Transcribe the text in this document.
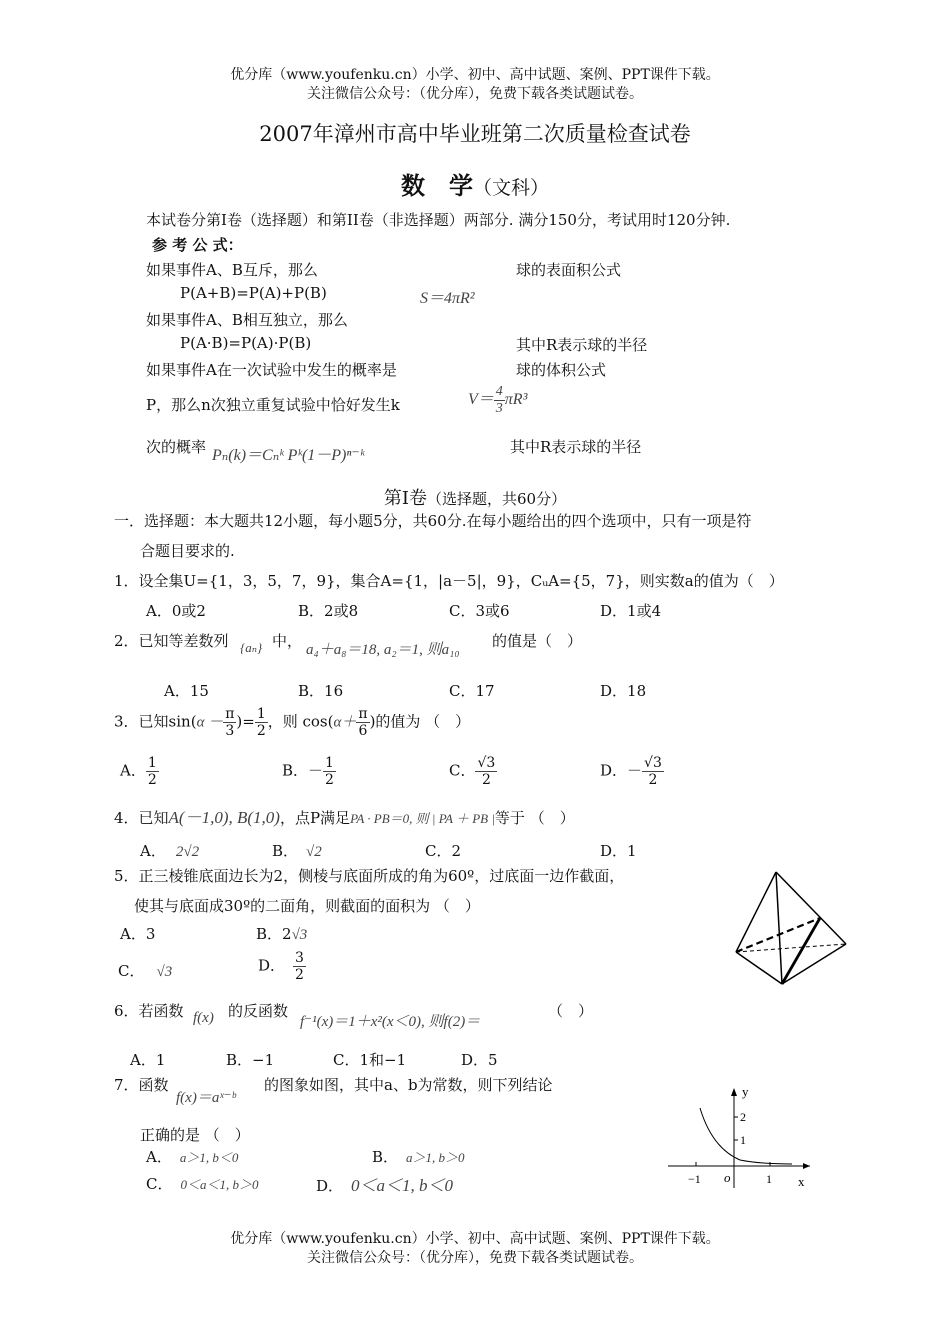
优分库（www.youfenku.cn）小学、初中、高中试题、案例、PPT课件下载。
关注微信公众号：（优分库），免费下载各类试题试卷。
2007年漳州市高中毕业班第二次质量检查试卷
数　学（文科）
本试卷分第I卷（选择题）和第II卷（非选择题）两部分. 满分150分，考试用时120分钟.
参 考 公 式：
如果事件A、B互斥，那么
P(A+B)=P(A)+P(B)
如果事件A、B相互独立，那么
P(A·B)=P(A)·P(B)
如果事件A在一次试验中发生的概率是
P，那么n次独立重复试验中恰好发生k
次的概率 Pₙ(k)＝Cₙᵏ Pᵏ(1－P)ⁿ⁻ᵏ
球的表面积公式
S＝4πR²
其中R表示球的半径
球的体积公式
$V= \frac{4}{3} \pi R^3$
其中R表示球的半径
第Ⅰ卷（选择题，共60分）
一．选择题：本大题共12小题，每小题5分，共60分.在每小题给出的四个选项中，只有一项是符
合题目要求的.
1．设全集U={1，3，5，7，9}，集合A={1，|a－5|，9}，CᵤA={5，7}，则实数a的值为（　）
A．0或2	B．2或8	C．3或6	D．1或4
2．已知等差数列 {aₙ} 中， a₄＋a₈＝18, a₂＝1, 则a₁₀ 的值是（　）
A．15	B．16	C．17	D．18
3．已知$\sin(\alpha - \frac{\pi}{3}$ )= $\frac{1}{2}$ ，则 $\cos(\alpha+ \frac{\pi}{6}$ )的值为 （　）
A． $\frac{1}{2}$	B．－ $\frac{1}{2}$	C． $\frac{√3}{2}$	D．－ $\frac{√3}{2}$
4．已知A(－1,0), B(1,0)，点P满足PA · PB＝0, 则 | PA ＋ PB |等于 （　）
A． 2√2	B． √2	C．2	D．1
5．正三棱锥底面边长为2，侧棱与底面所成的角为60º，过底面一边作截面，
使其与底面成30º的二面角，则截面的面积为 （　）
A．3	B．2√3
C． √3	D． $\frac{3}{2}$
6．若函数 f(x) 的反函数
f⁻¹(x)＝1＋x²(x＜0), 则f(2)＝
（　）
A．1	B．−1	C．1和−1	D．5
7．函数
f(x)＝aˣ⁻ᵇ
的图象如图，其中a、b为常数，则下列结论
正确的是 （　）
A． a＞1, b＜0	B． a＞1, b＞0
C． 0＜a＜1, b＞0	D． 0＜a＜1, b＜0
y
x
o
2
1
−1	1
优分库（www.youfenku.cn）小学、初中、高中试题、案例、PPT课件下载。
关注微信公众号：（优分库），免费下载各类试题试卷。
